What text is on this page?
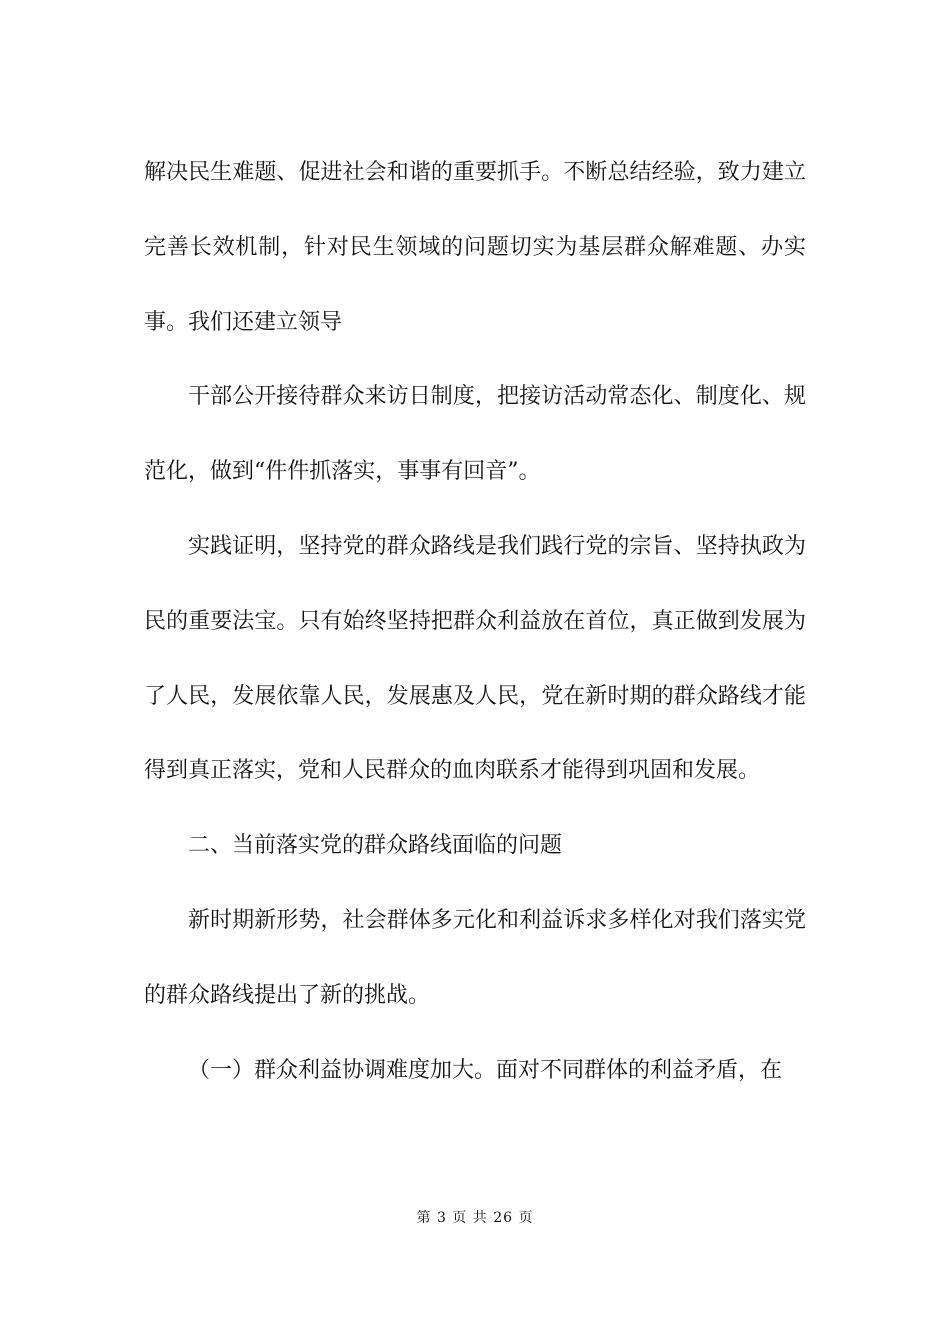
解决民生难题、促进社会和谐的重要抓手。不断总结经验，致力建立完善长效机制，针对民生领域的问题切实为基层群众解难题、办实事。我们还建立领导

干部公开接待群众来访日制度，把接访活动常态化、制度化、规范化，做到“件件抓落实，事事有回音”。

实践证明，坚持党的群众路线是我们践行党的宗旨、坚持执政为民的重要法宝。只有始终坚持把群众利益放在首位，真正做到发展为了人民，发展依靠人民，发展惠及人民，党在新时期的群众路线才能得到真正落实，党和人民群众的血肉联系才能得到巩固和发展。

二、当前落实党的群众路线面临的问题

新时期新形势，社会群体多元化和利益诉求多样化对我们落实党的群众路线提出了新的挑战。

（一）群众利益协调难度加大。面对不同群体的利益矛盾，在

第 3 页 共 26 页
